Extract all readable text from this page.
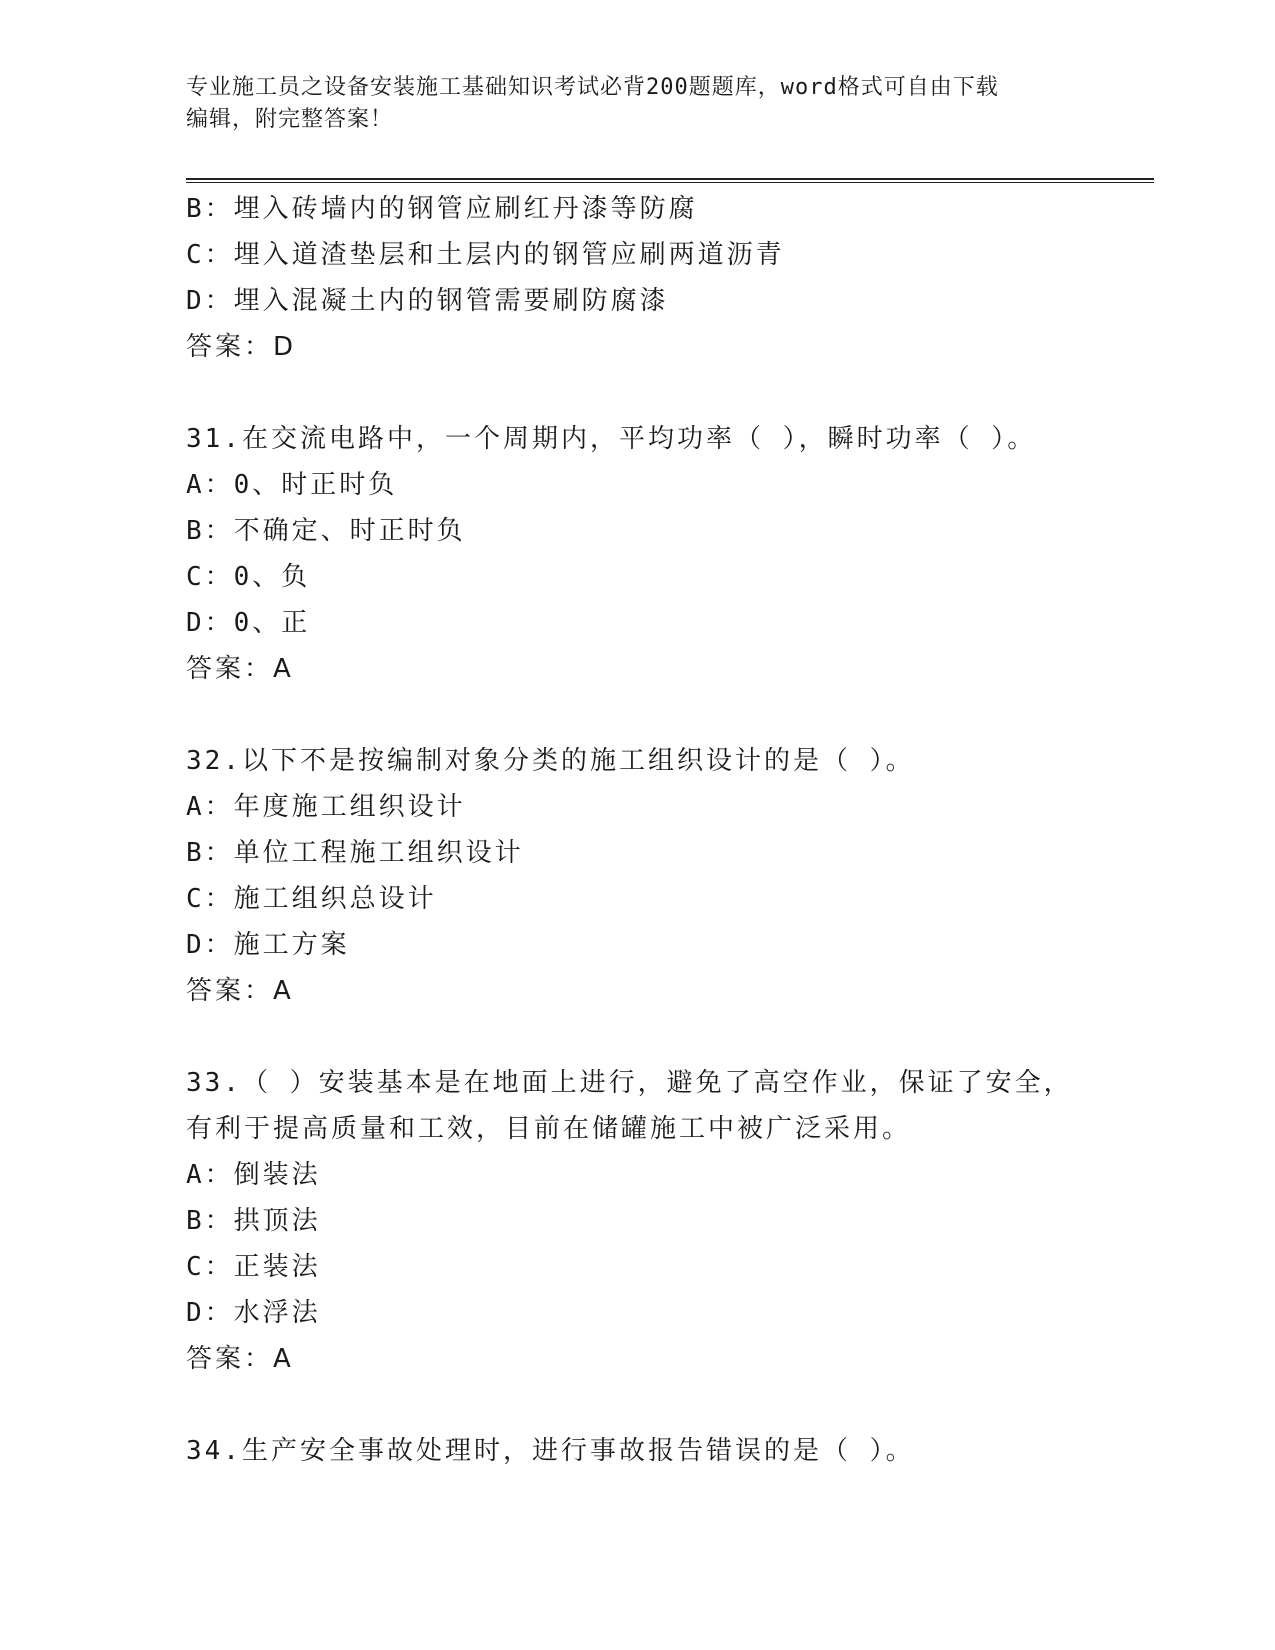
专业施工员之设备安装施工基础知识考试必背200题题库，word格式可自由下载
编辑，附完整答案！
B：埋入砖墙内的钢管应刷红丹漆等防腐
C：埋入道渣垫层和土层内的钢管应刷两道沥青
D：埋入混凝土内的钢管需要刷防腐漆
答案：D
31.在交流电路中，一个周期内，平均功率（ ），瞬时功率（ ）。
A：0、时正时负
B：不确定、时正时负
C：0、负
D：0、正
答案：A
32.以下不是按编制对象分类的施工组织设计的是（ ）。
A：年度施工组织设计
B：单位工程施工组织设计
C：施工组织总设计
D：施工方案
答案：A
33.（ ）安装基本是在地面上进行，避免了高空作业，保证了安全，
有利于提高质量和工效，目前在储罐施工中被广泛采用。
A：倒装法
B：拱顶法
C：正装法
D：水浮法
答案：A
34.生产安全事故处理时，进行事故报告错误的是（ ）。
